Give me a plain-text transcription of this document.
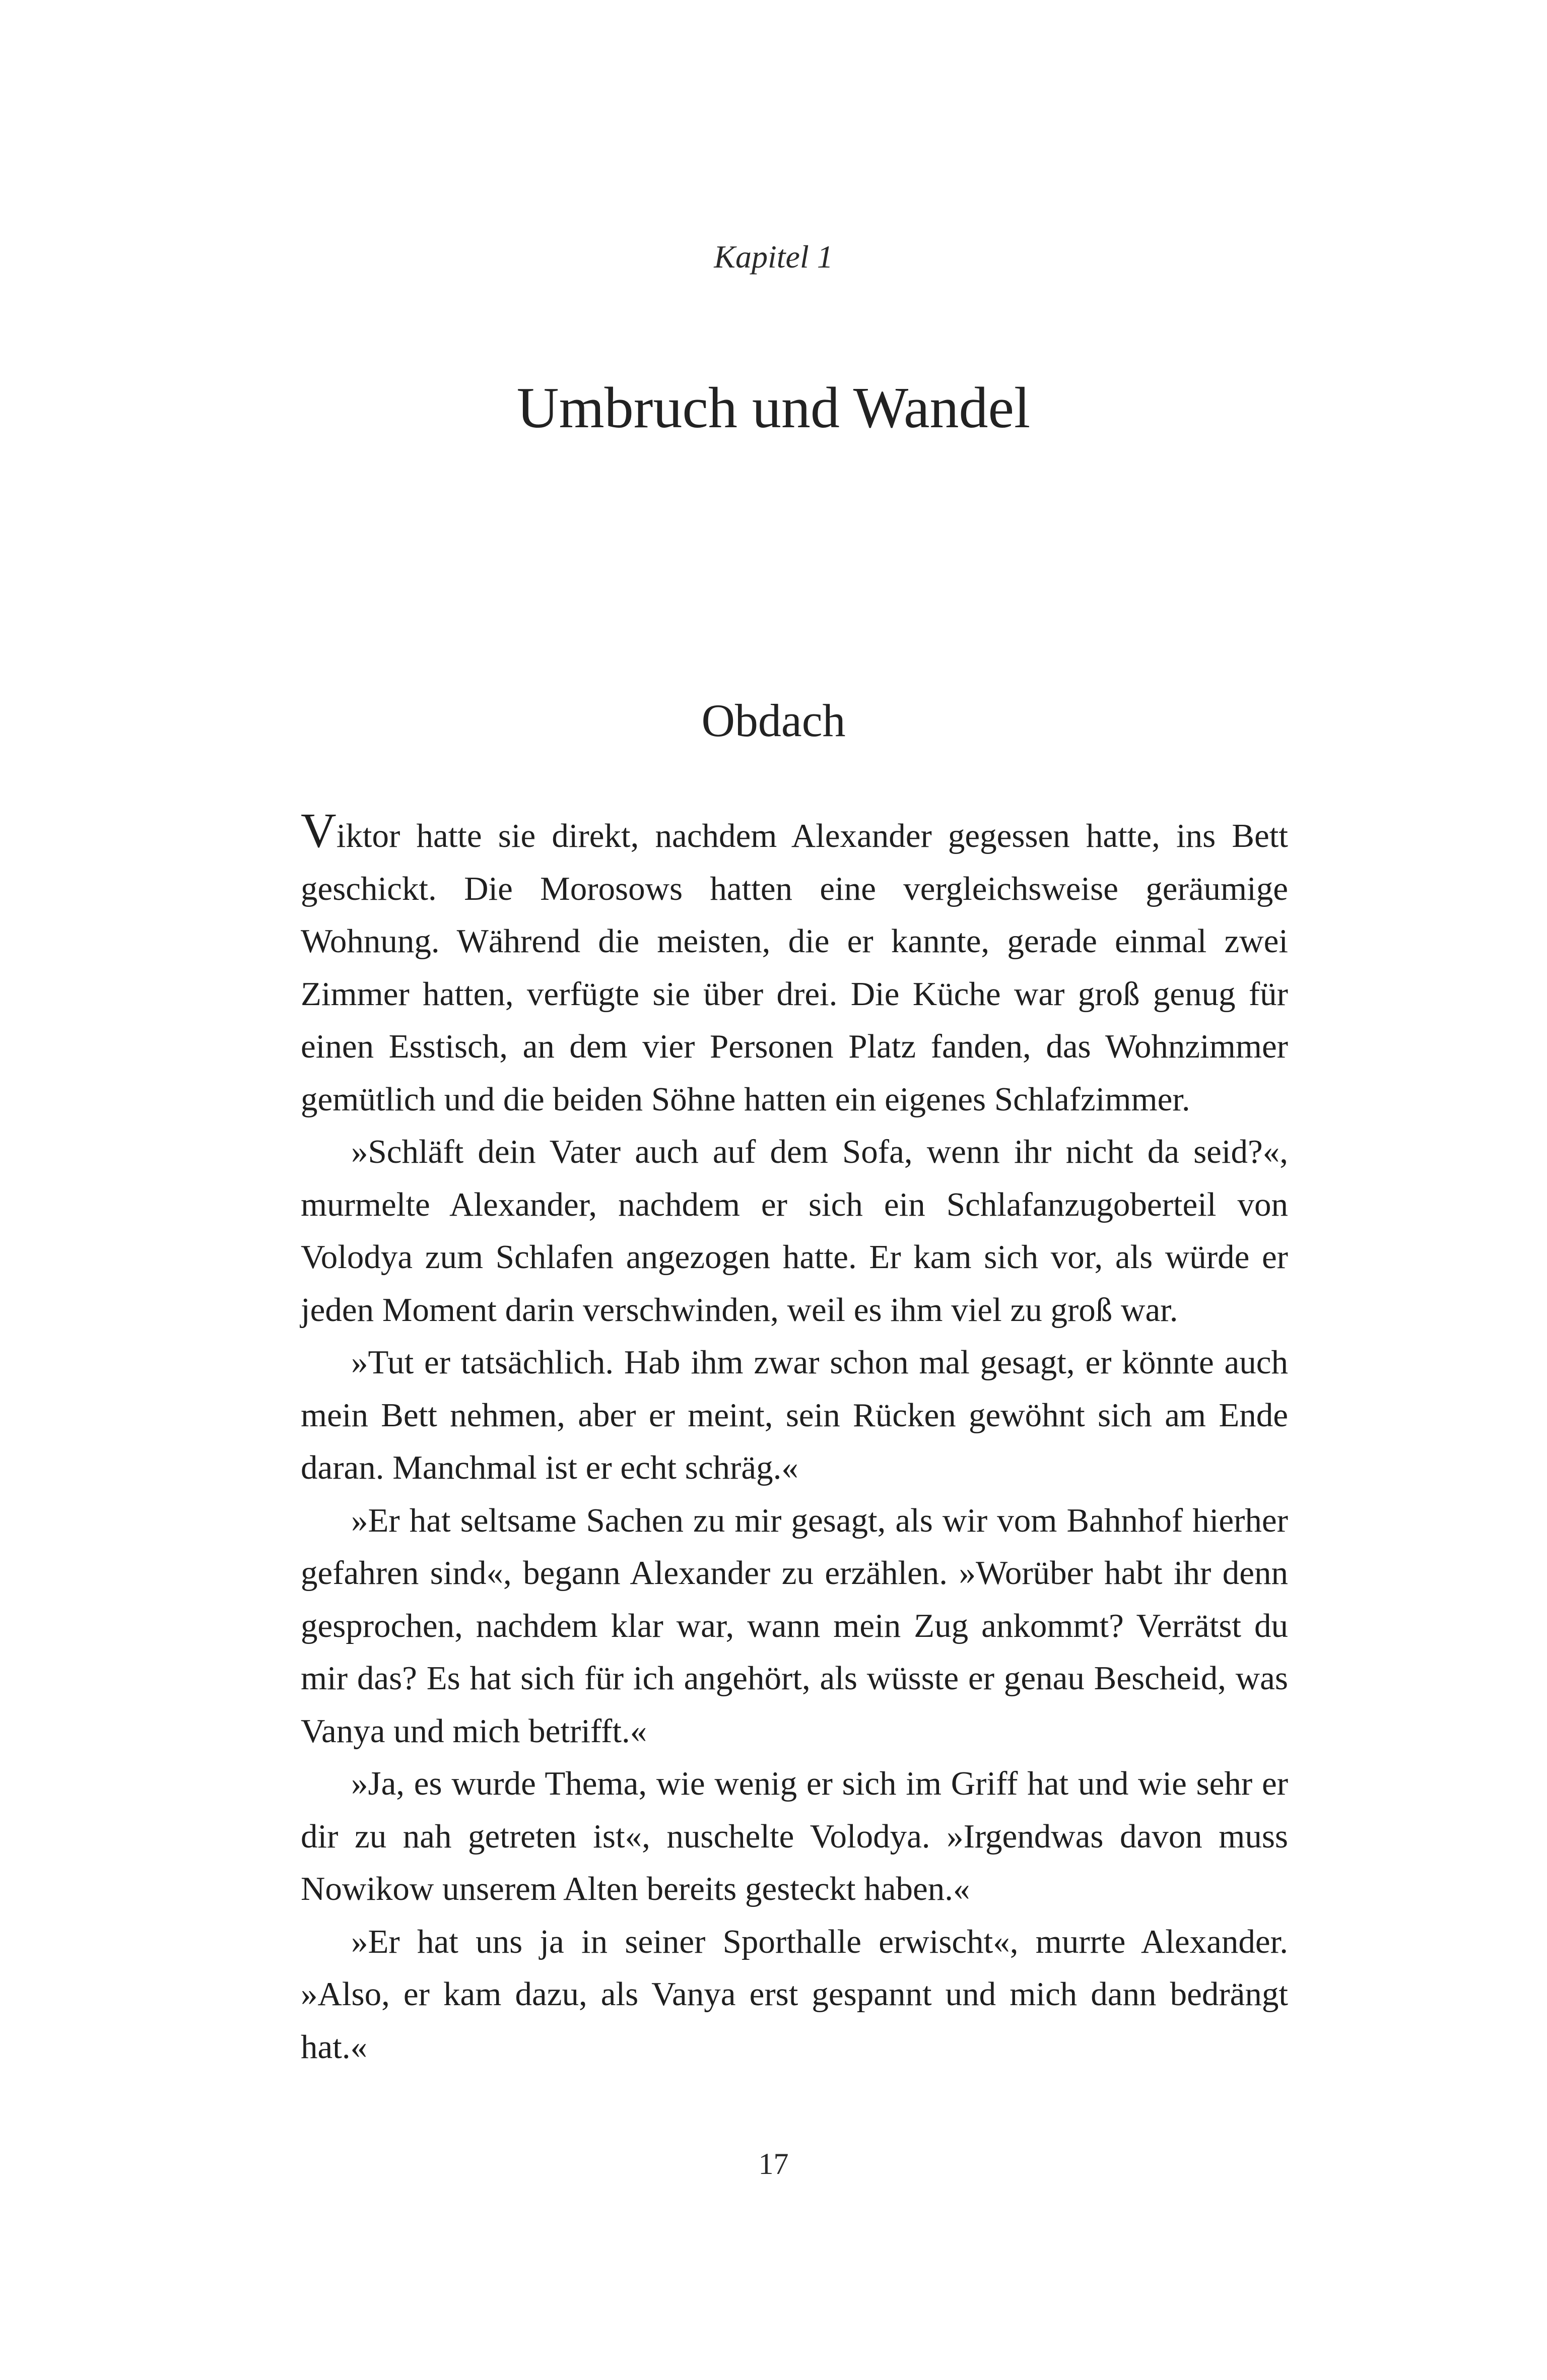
Kapitel 1
Umbruch und Wandel
Obdach

Viktor hatte sie direkt, nachdem Alexander gegessen hatte, ins Bett geschickt. Die Morosows hatten eine vergleichsweise geräumige Wohnung. Während die meisten, die er kannte, gerade einmal zwei Zimmer hatten, verfügte sie über drei. Die Küche war groß genug für einen Esstisch, an dem vier Personen Platz fanden, das Wohnzimmer gemütlich und die beiden Söhne hatten ein eigenes Schlafzimmer.

»Schläft dein Vater auch auf dem Sofa, wenn ihr nicht da seid?«, murmelte Alexander, nachdem er sich ein Schlafanzugoberteil von Volodya zum Schlafen angezogen hatte. Er kam sich vor, als würde er jeden Moment darin verschwinden, weil es ihm viel zu groß war.

»Tut er tatsächlich. Hab ihm zwar schon mal gesagt, er könnte auch mein Bett nehmen, aber er meint, sein Rücken gewöhnt sich am Ende daran. Manchmal ist er echt schräg.«

»Er hat seltsame Sachen zu mir gesagt, als wir vom Bahnhof hierher gefahren sind«, begann Alexander zu erzählen. »Worüber habt ihr denn gesprochen, nachdem klar war, wann mein Zug ankommt? Verrätst du mir das? Es hat sich für ich angehört, als wüsste er genau Bescheid, was Vanya und mich betrifft.«

»Ja, es wurde Thema, wie wenig er sich im Griff hat und wie sehr er dir zu nah getreten ist«, nuschelte Volodya. »Irgendwas davon muss Nowikow unserem Alten bereits gesteckt haben.«

»Er hat uns ja in seiner Sporthalle erwischt«, murrte Alexander. »Also, er kam dazu, als Vanya erst gespannt und mich dann bedrängt hat.«

17
